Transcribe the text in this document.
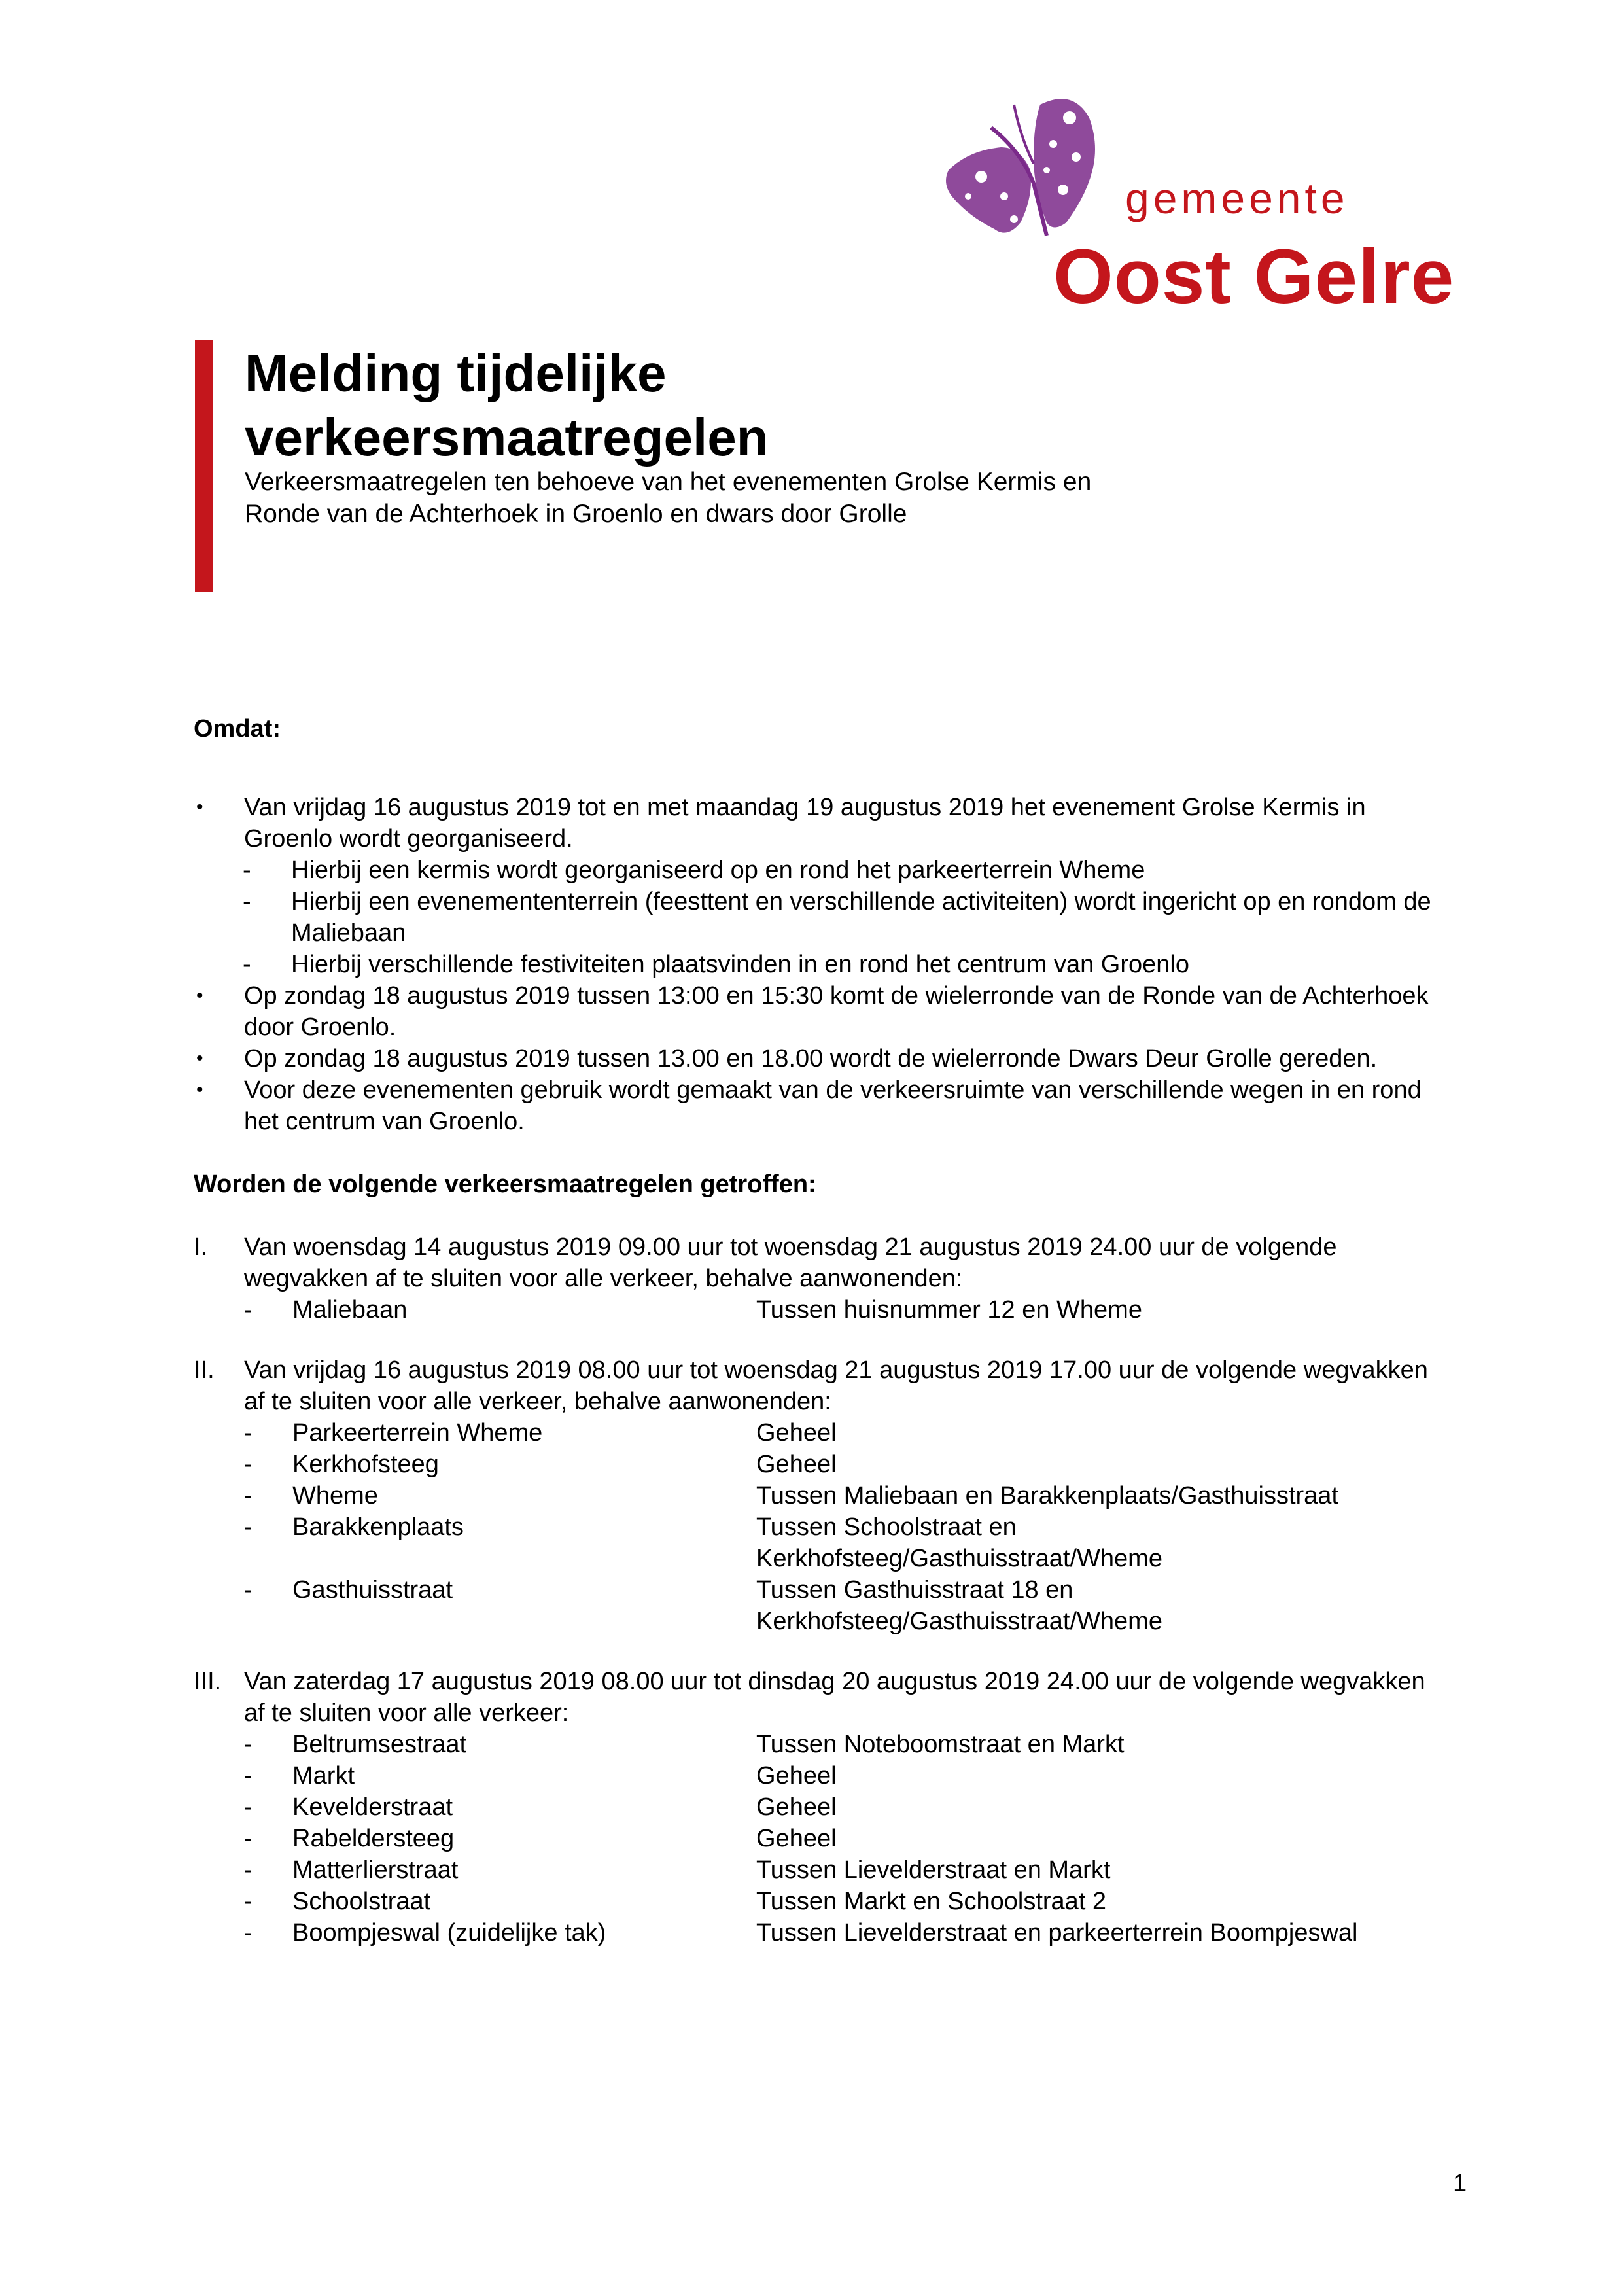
gemeente
Oost Gelre
Melding tijdelijke
verkeersmaatregelen
Verkeersmaatregelen ten behoeve van het evenementen Grolse Kermis en Ronde van de Achterhoek in Groenlo en dwars door Grolle

Omdat:

• Van vrijdag 16 augustus 2019 tot en met maandag 19 augustus 2019 het evenement Grolse Kermis in Groenlo wordt georganiseerd.
- Hierbij een kermis wordt georganiseerd op en rond het parkeerterrein Wheme
- Hierbij een evenemententerrein (feesttent en verschillende activiteiten) wordt ingericht op en rondom de Maliebaan
- Hierbij verschillende festiviteiten plaatsvinden in en rond het centrum van Groenlo
• Op zondag 18 augustus 2019 tussen 13:00 en 15:30 komt de wielerronde van de Ronde van de Achterhoek door Groenlo.
• Op zondag 18 augustus 2019 tussen 13.00 en 18.00 wordt de wielerronde Dwars Deur Grolle gereden.
• Voor deze evenementen gebruik wordt gemaakt van de verkeersruimte van verschillende wegen in en rond het centrum van Groenlo.

Worden de volgende verkeersmaatregelen getroffen:

I. Van woensdag 14 augustus 2019 09.00 uur tot woensdag 21 augustus 2019 24.00 uur de volgende wegvakken af te sluiten voor alle verkeer, behalve aanwonenden:
-	Maliebaan	Tussen huisnummer 12 en Wheme
II. Van vrijdag 16 augustus 2019 08.00 uur tot woensdag 21 augustus 2019 17.00 uur de volgende wegvakken af te sluiten voor alle verkeer, behalve aanwonenden:
-	Parkeerterrein Wheme	Geheel
-	Kerkhofsteeg	Geheel
-	Wheme	Tussen Maliebaan en Barakkenplaats/Gasthuisstraat
-	Barakkenplaats	Tussen Schoolstraat en Kerkhofsteeg/Gasthuisstraat/Wheme
-	Gasthuisstraat	Tussen Gasthuisstraat 18 en Kerkhofsteeg/Gasthuisstraat/Wheme
III. Van zaterdag 17 augustus 2019 08.00 uur tot dinsdag 20 augustus 2019 24.00 uur de volgende wegvakken af te sluiten voor alle verkeer:
-	Beltrumsestraat	Tussen Noteboomstraat en Markt
-	Markt	Geheel
-	Kevelderstraat	Geheel
-	Rabeldersteeg	Geheel
-	Matterlierstraat	Tussen Lievelderstraat en Markt
-	Schoolstraat	Tussen Markt en Schoolstraat 2
-	Boompjeswal (zuidelijke tak)	Tussen Lievelderstraat en parkeerterrein Boompjeswal
1
